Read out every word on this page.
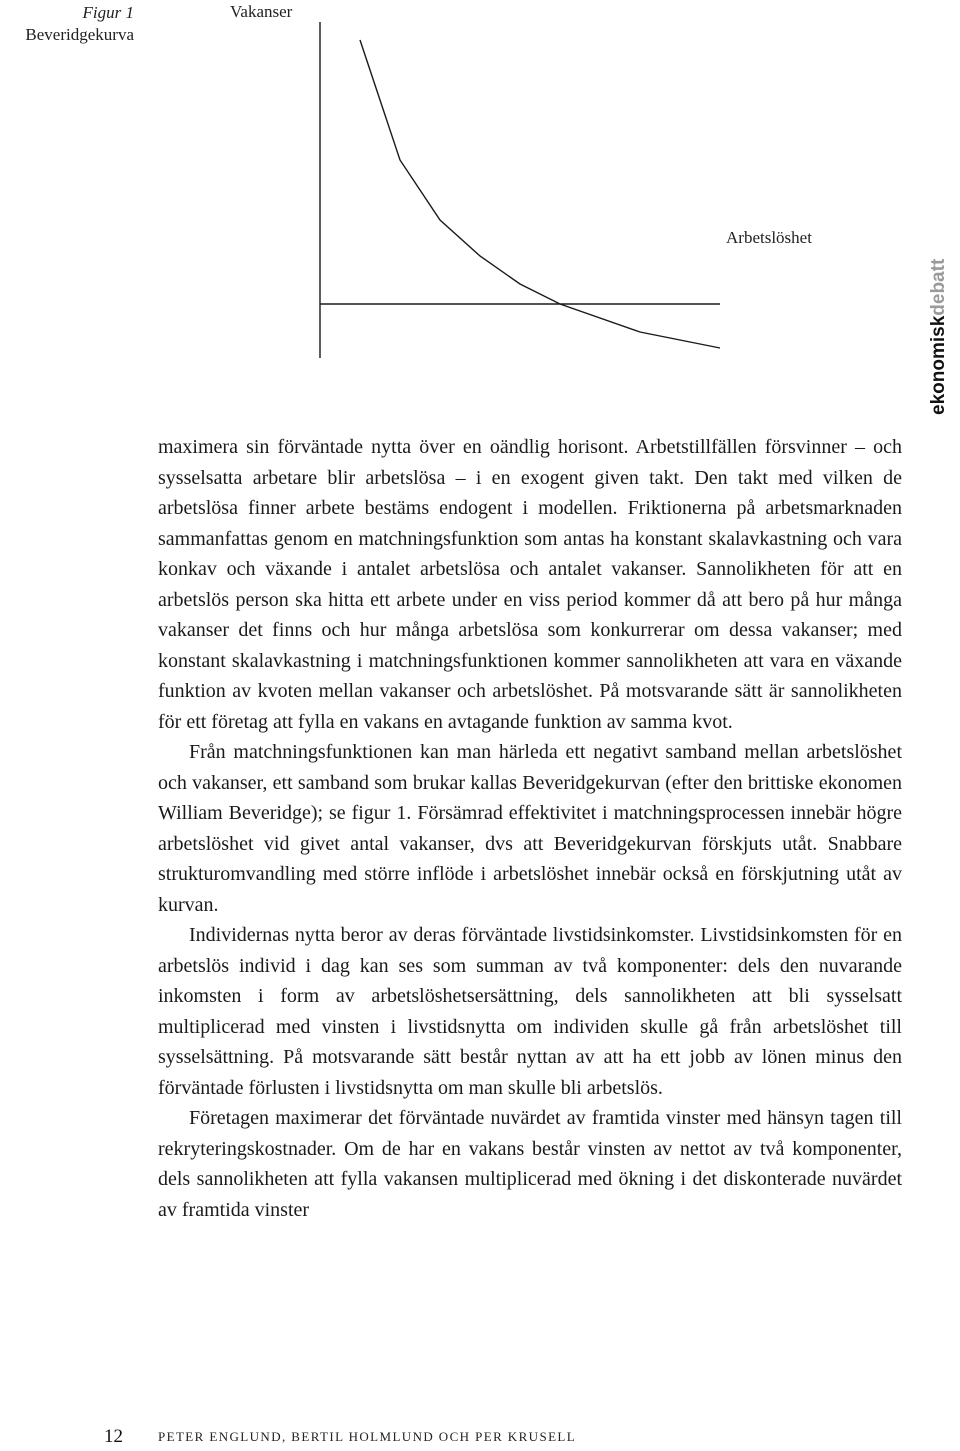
Figur 1
Beveridgekurva
Vakanser
Arbetslöshet
ekonomiskdebatt

maximera sin förväntade nytta över en oändlig horisont. Arbetstillfällen försvinner – och sysselsatta arbetare blir arbetslösa – i en exogent given takt. Den takt med vilken de arbetslösa finner arbete bestäms endogent i modellen. Friktionerna på arbetsmarknaden sammanfattas genom en matchningsfunktion som antas ha konstant skalavkastning och vara konkav och växande i antalet arbetslösa och antalet vakanser. Sannolikheten för att en arbetslös person ska hitta ett arbete under en viss period kommer då att bero på hur många vakanser det finns och hur många arbetslösa som konkurrerar om dessa vakanser; med konstant skalavkastning i matchningsfunktionen kommer sannolikheten att vara en växande funktion av kvoten mellan vakanser och arbetslöshet. På motsvarande sätt är sannolikheten för ett företag att fylla en vakans en avtagande funktion av samma kvot.

Från matchningsfunktionen kan man härleda ett negativt samband mellan arbetslöshet och vakanser, ett samband som brukar kallas Beveridgekurvan (efter den brittiske ekonomen William Beveridge); se figur 1. Försämrad effektivitet i matchningsprocessen innebär högre arbetslöshet vid givet antal vakanser, dvs att Beveridgekurvan förskjuts utåt. Snabbare strukturomvandling med större inflöde i arbetslöshet innebär också en förskjutning utåt av kurvan.

Individernas nytta beror av deras förväntade livstidsinkomster. Livstidsinkomsten för en arbetslös individ i dag kan ses som summan av två komponenter: dels den nuvarande inkomsten i form av arbetslöshetsersättning, dels sannolikheten att bli sysselsatt multiplicerad med vinsten i livstidsnytta om individen skulle gå från arbetslöshet till sysselsättning. På motsvarande sätt består nyttan av att ha ett jobb av lönen minus den förväntade förlusten i livstidsnytta om man skulle bli arbetslös.

Företagen maximerar det förväntade nuvärdet av framtida vinster med hänsyn tagen till rekryteringskostnader. Om de har en vakans består vinsten av nettot av två komponenter, dels sannolikheten att fylla vakansen multiplicerad med ökning i det diskonterade nuvärdet av framtida vinster

12	PETER ENGLUND, BERTIL HOLMLUND OCH PER KRUSELL
